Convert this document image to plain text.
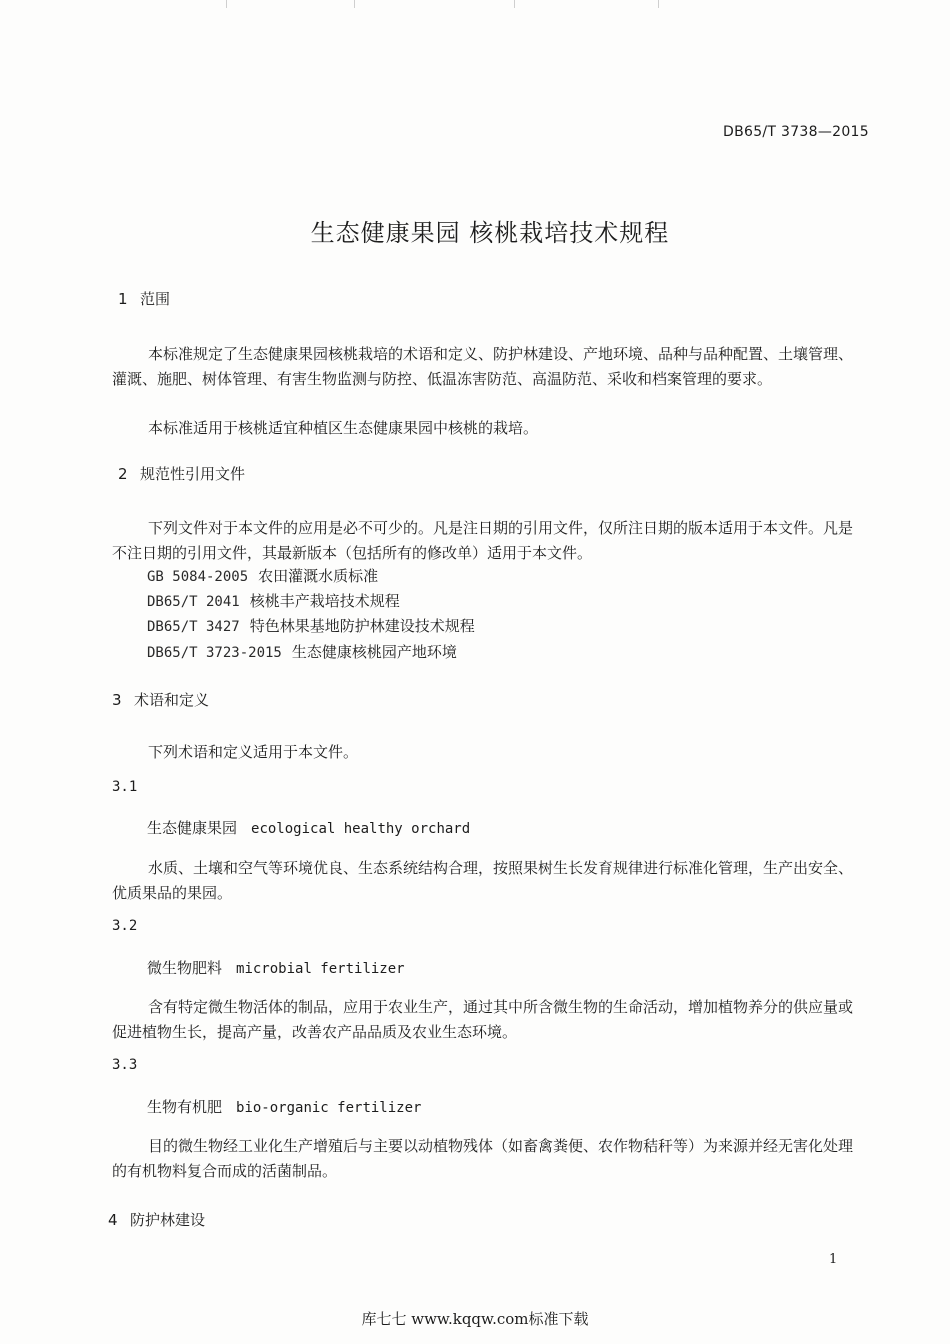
DB65/T 3738—2015
生态健康果园 核桃栽培技术规程
1 范围
本标准规定了生态健康果园核桃栽培的术语和定义、防护林建设、产地环境、品种与品种配置、土壤管理、灌溉、施肥、树体管理、有害生物监测与防控、低温冻害防范、高温防范、采收和档案管理的要求。
本标准适用于核桃适宜种植区生态健康果园中核桃的栽培。
2 规范性引用文件
下列文件对于本文件的应用是必不可少的。凡是注日期的引用文件，仅所注日期的版本适用于本文件。凡是不注日期的引用文件，其最新版本（包括所有的修改单）适用于本文件。
GB 5084-2005 农田灌溉水质标准
DB65/T 2041 核桃丰产栽培技术规程
DB65/T 3427 特色林果基地防护林建设技术规程
DB65/T 3723-2015 生态健康核桃园产地环境
3 术语和定义
下列术语和定义适用于本文件。
3.1
生态健康果园 ecological healthy orchard
水质、土壤和空气等环境优良、生态系统结构合理，按照果树生长发育规律进行标准化管理，生产出安全、优质果品的果园。
3.2
微生物肥料 microbial fertilizer
含有特定微生物活体的制品，应用于农业生产，通过其中所含微生物的生命活动，增加植物养分的供应量或促进植物生长，提高产量，改善农产品品质及农业生态环境。
3.3
生物有机肥 bio-organic fertilizer
目的微生物经工业化生产增殖后与主要以动植物残体（如畜禽粪便、农作物秸秆等）为来源并经无害化处理的有机物料复合而成的活菌制品。
4 防护林建设
1
库七七 www.kqqw.com标准下载
